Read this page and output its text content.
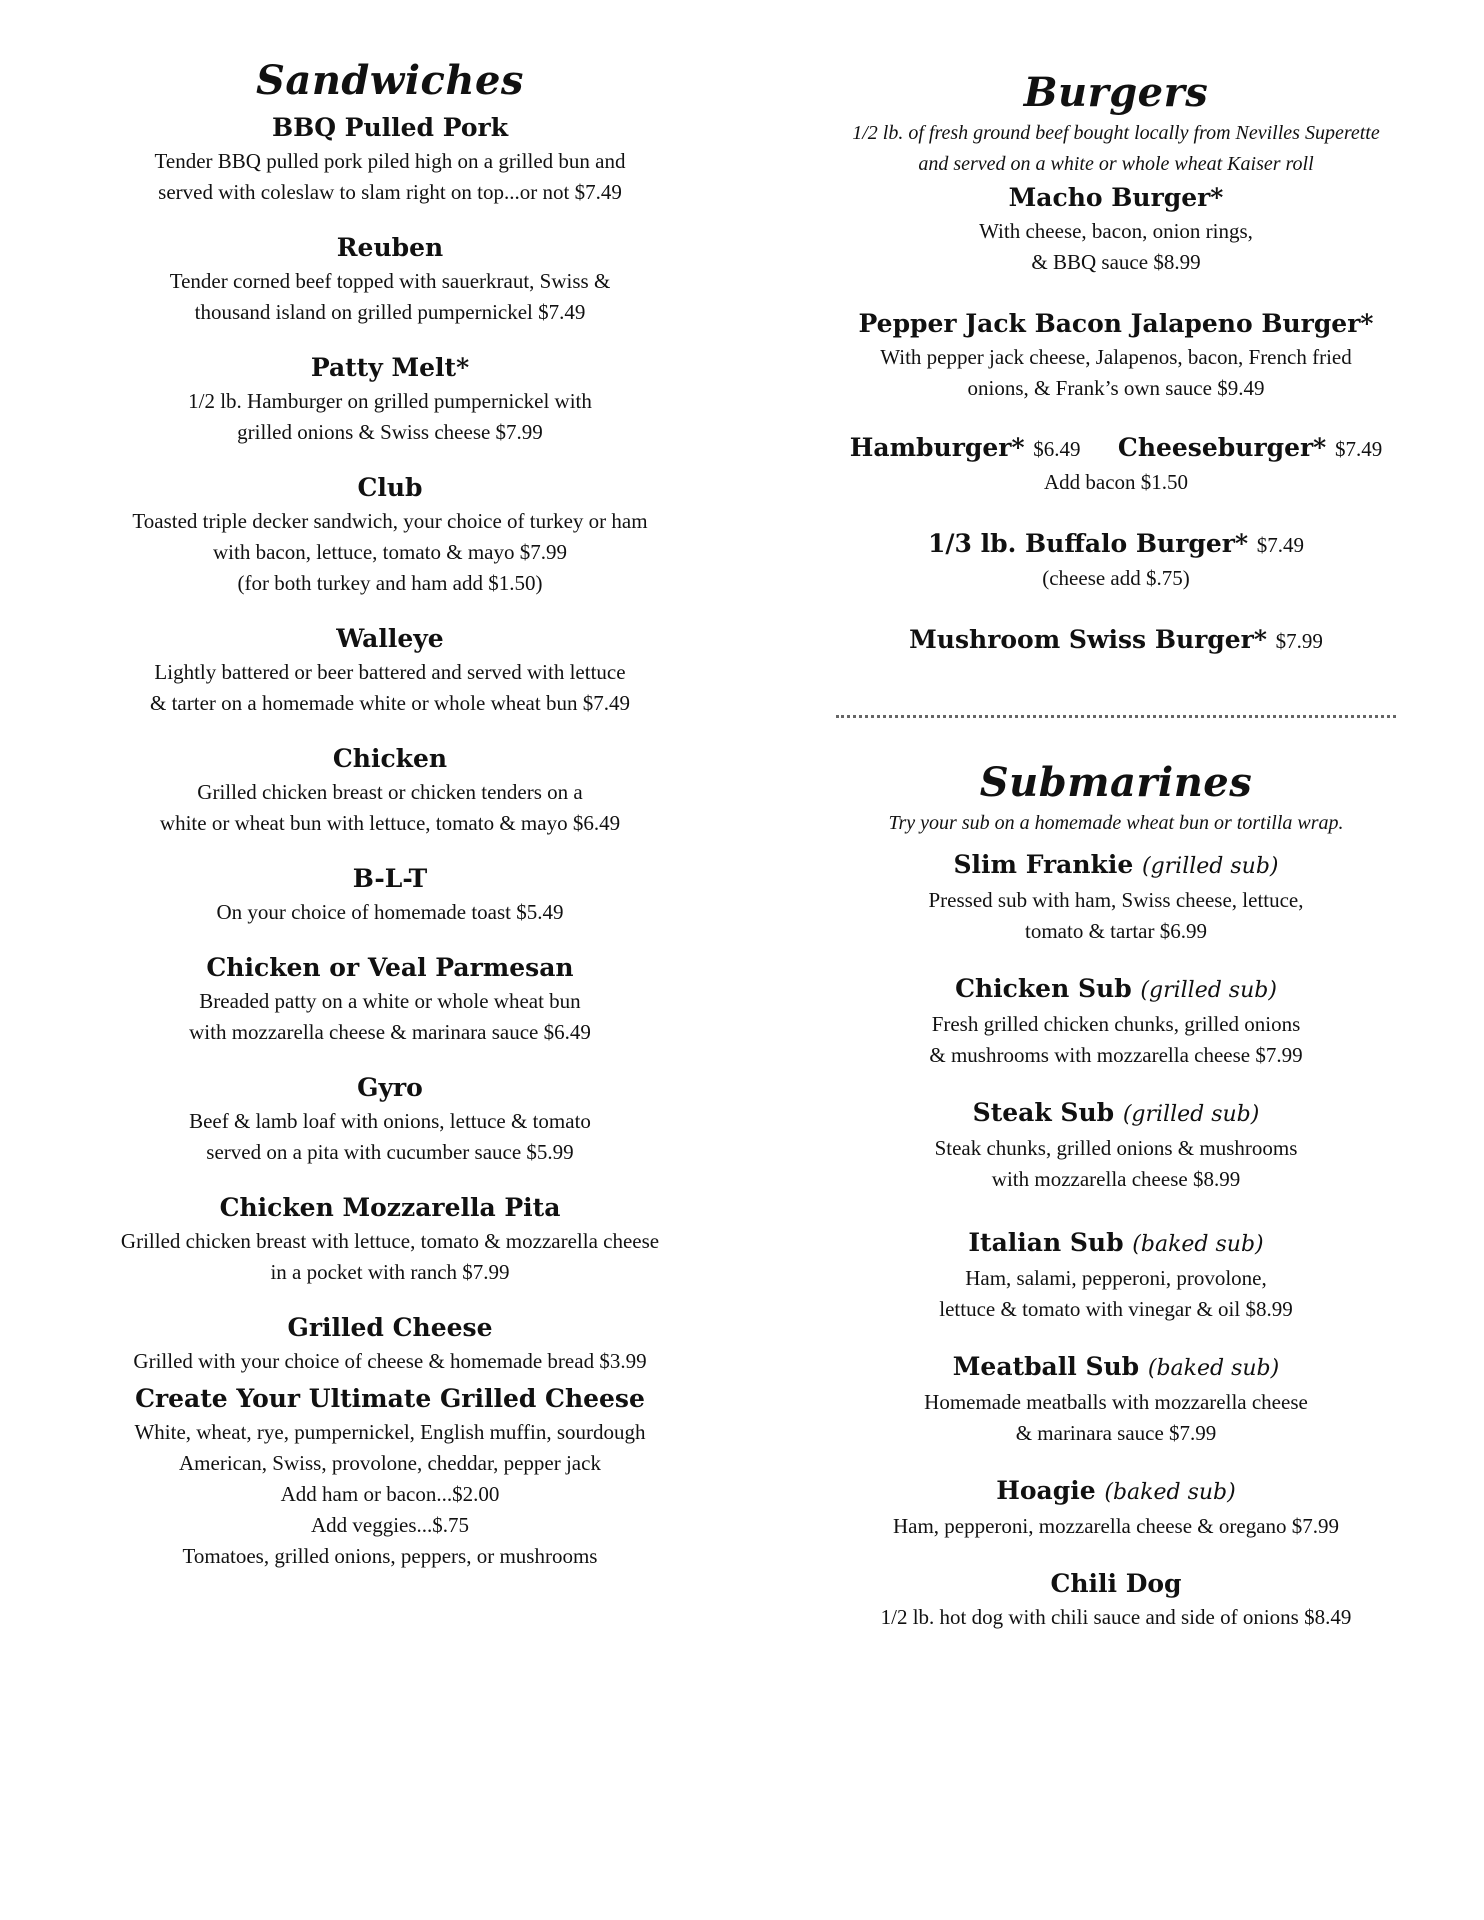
Sandwiches
BBQ Pulled Pork
Tender BBQ pulled pork piled high on a grilled bun and
served with coleslaw to slam right on top...or not $7.49
Reuben
Tender corned beef topped with sauerkraut, Swiss &
thousand island on grilled pumpernickel $7.49
Patty Melt*
1/2 lb. Hamburger on grilled pumpernickel with
grilled onions & Swiss cheese $7.99
Club
Toasted triple decker sandwich, your choice of turkey or ham
with bacon, lettuce, tomato & mayo $7.99
(for both turkey and ham add $1.50)
Walleye
Lightly battered or beer battered and served with lettuce
& tarter on a homemade white or whole wheat bun $7.49
Chicken
Grilled chicken breast or chicken tenders on a
white or wheat bun with lettuce, tomato & mayo $6.49
B-L-T
On your choice of homemade toast $5.49
Chicken or Veal Parmesan
Breaded patty on a white or whole wheat bun
with mozzarella cheese & marinara sauce $6.49
Gyro
Beef & lamb loaf with onions, lettuce & tomato
served on a pita with cucumber sauce $5.99
Chicken Mozzarella Pita
Grilled chicken breast with lettuce, tomato & mozzarella cheese
in a pocket with ranch $7.99
Grilled Cheese
Grilled with your choice of cheese & homemade bread $3.99
Create Your Ultimate Grilled Cheese
White, wheat, rye, pumpernickel, English muffin, sourdough
American, Swiss, provolone, cheddar, pepper jack
Add ham or bacon...$2.00
Add veggies...$.75
Tomatoes, grilled onions, peppers, or mushrooms
Burgers

1/2 lb. of fresh ground beef bought locally from Nevilles Superette

and served on a white or whole wheat Kaiser roll

Macho Burger*
With cheese, bacon, onion rings,
& BBQ sauce $8.99
Pepper Jack Bacon Jalapeno Burger*
With pepper jack cheese, Jalapenos, bacon, French fried
onions, & Frank’s own sauce $9.49
Hamburger* $6.49 Cheeseburger* $7.49
Add bacon $1.50
1/3 lb. Buffalo Burger* $7.49
(cheese add $.75)
Mushroom Swiss Burger* $7.99
Submarines

Try your sub on a homemade wheat bun or tortilla wrap.

Slim Frankie (grilled sub)
Pressed sub with ham, Swiss cheese, lettuce,
tomato & tartar $6.99
Chicken Sub (grilled sub)
Fresh grilled chicken chunks, grilled onions
& mushrooms with mozzarella cheese $7.99
Steak Sub (grilled sub)
Steak chunks, grilled onions & mushrooms
with mozzarella cheese $8.99
Italian Sub (baked sub)
Ham, salami, pepperoni, provolone,
lettuce & tomato with vinegar & oil $8.99
Meatball Sub (baked sub)
Homemade meatballs with mozzarella cheese
& marinara sauce $7.99
Hoagie (baked sub)
Ham, pepperoni, mozzarella cheese & oregano $7.99
Chili Dog
1/2 lb. hot dog with chili sauce and side of onions $8.49
